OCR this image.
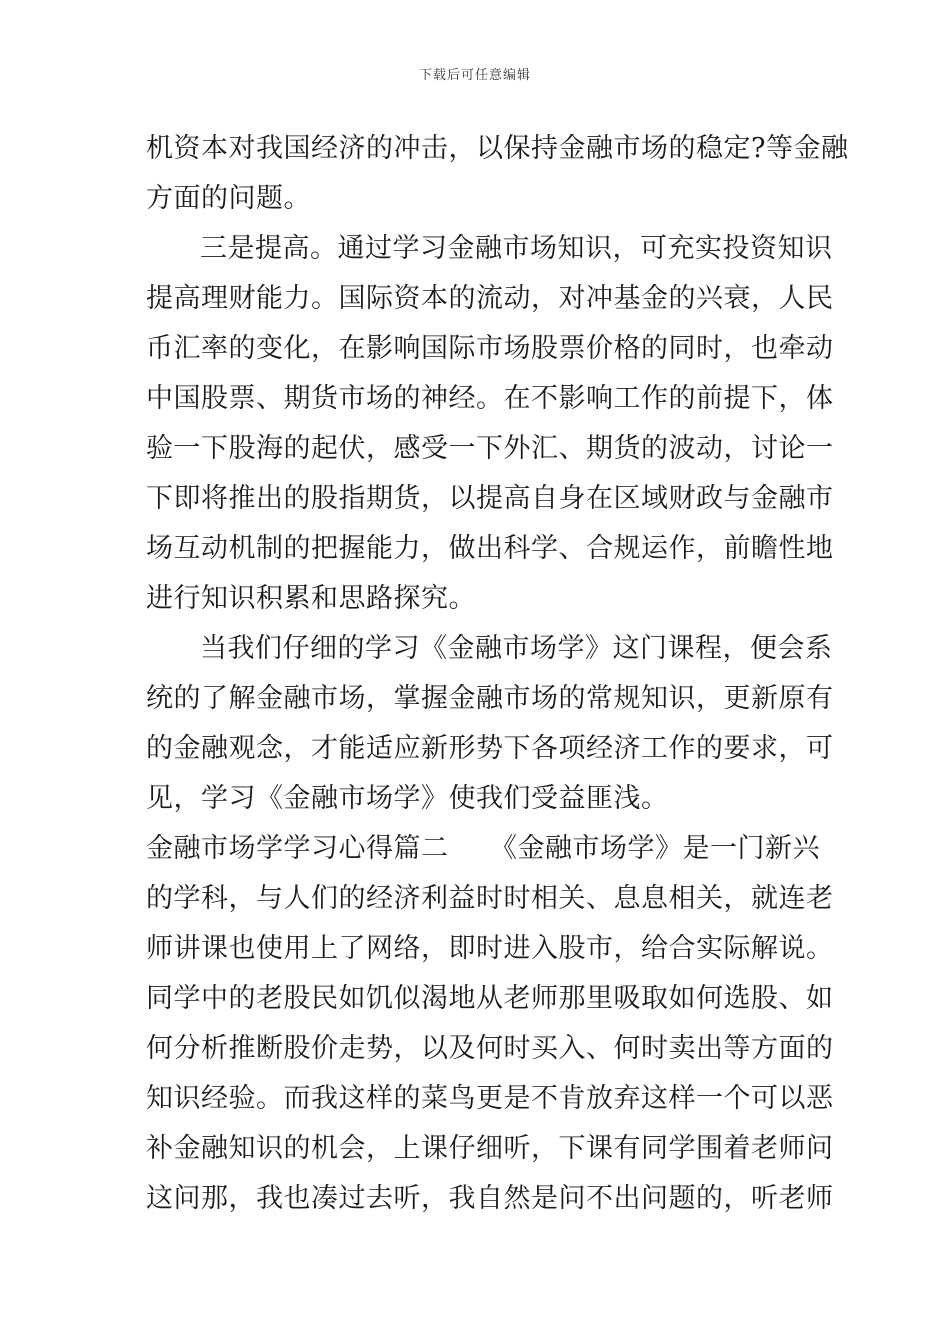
下载后可任意编辑
机资本对我国经济的冲击，以保持金融市场的稳定?等金融
方面的问题。
三是提高。通过学习金融市场知识，可充实投资知识
提高理财能力。国际资本的流动，对冲基金的兴衰，人民
币汇率的变化，在影响国际市场股票价格的同时，也牵动
中国股票、期货市场的神经。在不影响工作的前提下，体
验一下股海的起伏，感受一下外汇、期货的波动，讨论一
下即将推出的股指期货，以提高自身在区域财政与金融市
场互动机制的把握能力，做出科学、合规运作，前瞻性地
进行知识积累和思路探究。
当我们仔细的学习《金融市场学》这门课程，便会系
统的了解金融市场，掌握金融市场的常规知识，更新原有
的金融观念，才能适应新形势下各项经济工作的要求，可
见，学习《金融市场学》使我们受益匪浅。
金融市场学学习心得篇二　　《金融市场学》是一门新兴
的学科，与人们的经济利益时时相关、息息相关，就连老
师讲课也使用上了网络，即时进入股市，给合实际解说。
同学中的老股民如饥似渴地从老师那里吸取如何选股、如
何分析推断股价走势，以及何时买入、何时卖出等方面的
知识经验。而我这样的菜鸟更是不肯放弃这样一个可以恶
补金融知识的机会，上课仔细听，下课有同学围着老师问
这问那，我也凑过去听，我自然是问不出问题的，听老师
